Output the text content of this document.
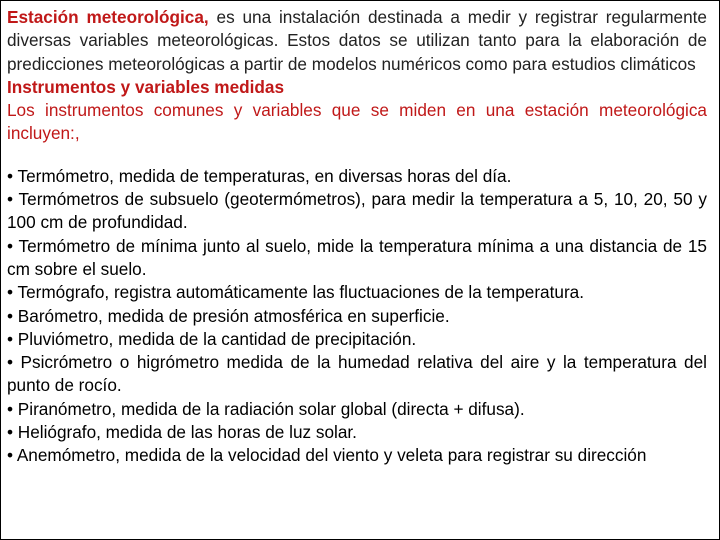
Estación meteorológica, es una instalación destinada a medir y registrar regularmente diversas variables meteorológicas. Estos datos se utilizan tanto para la elaboración de predicciones meteorológicas a partir de modelos numéricos como para estudios climáticos

Instrumentos y variables medidas

Los instrumentos comunes y variables que se miden en una estación meteorológica incluyen:,

• Termómetro, medida de temperaturas, en diversas horas del día.
• Termómetros de subsuelo (geotermómetros), para medir la temperatura a 5, 10, 20, 50 y 100 cm de profundidad.
• Termómetro de mínima junto al suelo, mide la temperatura mínima a una distancia de 15 cm sobre el suelo.
• Termógrafo, registra automáticamente las fluctuaciones de la temperatura.
• Barómetro, medida de presión atmosférica en superficie.
• Pluviómetro, medida de la cantidad de precipitación.
• Psicrómetro o higrómetro medida de la humedad relativa del aire y la temperatura del punto de rocío.
• Piranómetro, medida de la radiación solar global (directa + difusa).
• Heliógrafo, medida de las horas de luz solar.
• Anemómetro, medida de la velocidad del viento y veleta para registrar su dirección
